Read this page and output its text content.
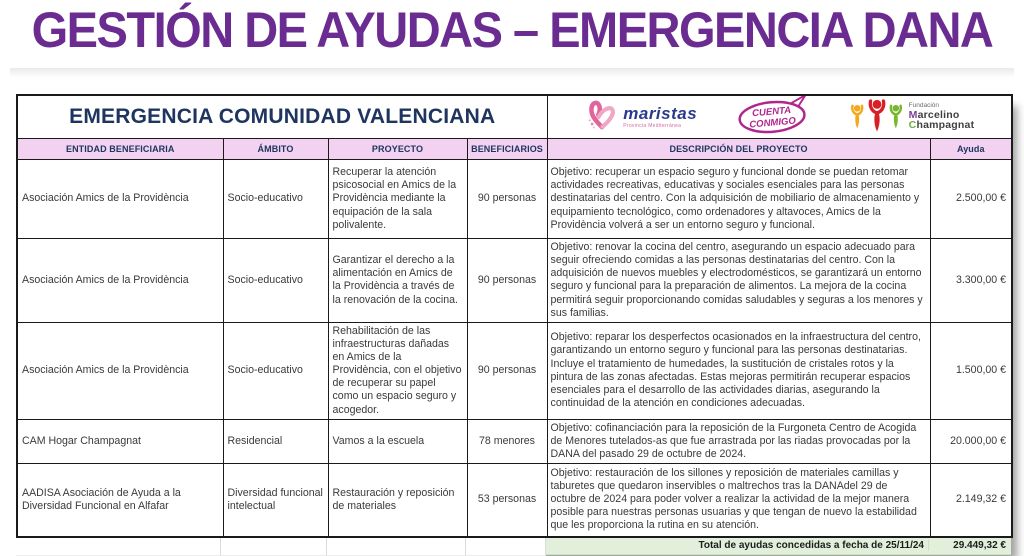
GESTIÓN DE AYUDAS – EMERGENCIA DANA
EMERGENCIA COMUNIDAD VALENCIANA	maristas
Provincia Mediterránea
CUENTA
CONMIGO
Fundación
Marcelino
Champagnat

ENTIDAD BENEFICIARIA	ÁMBITO	PROYECTO	BENEFICIARIOS	DESCRIPCIÓN DEL PROYECTO	Ayuda
Asociación Amics de la Providència	Socio-educativo	Recuperar la atención psicosocial en Amics de la Providència mediante la equipación de la sala polivalente.	90 personas	Objetivo: recuperar un espacio seguro y funcional donde se puedan retomar actividades recreativas, educativas y sociales esenciales para las personas destinatarias del centro. Con la adquisición de mobiliario de almacenamiento y equipamiento tecnológico, como ordenadores y altavoces, Amics de la Providència volverá a ser un entorno seguro y funcional.	2.500,00 €
Asociación Amics de la Providència	Socio-educativo	Garantizar el derecho a la alimentación en Amics de la Providència a través de la renovación de la cocina.	90 personas	Objetivo: renovar la cocina del centro, asegurando un espacio adecuado para seguir ofreciendo comidas a las personas destinatarias del centro. Con la adquisición de nuevos muebles y electrodomésticos, se garantizará un entorno seguro y funcional para la preparación de alimentos. La mejora de la cocina permitirá seguir proporcionando comidas saludables y seguras a los menores y sus familias.	3.300,00 €
Asociación Amics de la Providència	Socio-educativo	Rehabilitación de las infraestructuras dañadas en Amics de la Providència, con el objetivo de recuperar su papel como un espacio seguro y acogedor.	90 personas	Objetivo: reparar los desperfectos ocasionados en la infraestructura del centro, garantizando un entorno seguro y funcional para las personas destinatarias. Incluye el tratamiento de humedades, la sustitución de cristales rotos y la pintura de las zonas afectadas. Estas mejoras permitirán recuperar espacios esenciales para el desarrollo de las actividades diarias, asegurando la continuidad de la atención en condiciones adecuadas.	1.500,00 €
CAM Hogar Champagnat	Residencial	Vamos a la escuela	78 menores	Objetivo: cofinanciación para la reposición de la Furgoneta Centro de Acogida de Menores tutelados-as que fue arrastrada por las riadas provocadas por la DANA del pasado 29 de octubre de 2024.	20.000,00 €
AADISA Asociación de Ayuda a la Diversidad Funcional en Alfafar	Diversidad funcional intelectual	Restauración y reposición de materiales	53 personas	Objetivo: restauración de los sillones y reposición de materiales camillas y taburetes que quedaron inservibles o maltrechos tras la DANAdel 29 de octubre de 2024 para poder volver a realizar la actividad de la mejor manera posible para nuestras personas usuarias y que tengan de nuevo la estabilidad que les proporciona la rutina en su atención.	2.149,32 €
Total de ayudas concedidas a fecha de 25/11/24	29.449,32 €
